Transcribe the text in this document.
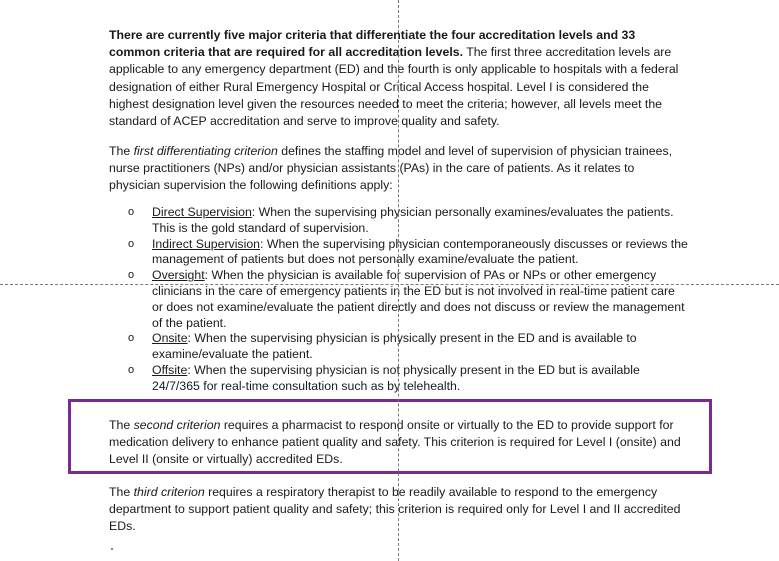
There are currently five major criteria that differentiate the four accreditation levels and 33 common criteria that are required for all accreditation levels. The first three accreditation levels are applicable to any emergency department (ED) and the fourth is only applicable to hospitals with a federal designation of either Rural Emergency Hospital or Critical Access hospital. Level I is considered the highest designation level given the resources needed to meet the criteria; however, all levels meet the standard of ACEP accreditation and serve to improve quality and safety.

The first differentiating criterion defines the staffing model and level of supervision of physician trainees, nurse practitioners (NPs) and/or physician assistants (PAs) in the care of patients. As it relates to physician supervision the following definitions apply:

o	Direct Supervision: When the supervising physician personally examines/evaluates the patients. This is the gold standard of supervision.
o	Indirect Supervision: When the supervising physician contemporaneously discusses or reviews the management of patients but does not personally examine/evaluate the patient.
o	Oversight: When the physician is available for supervision of PAs or NPs or other emergency clinicians in the care of emergency patients in the ED but is not involved in real-time patient care or does not examine/evaluate the patient directly and does not discuss or review the management of the patient.
o	Onsite: When the supervising physician is physically present in the ED and is available to examine/evaluate the patient.
o	Offsite: When the supervising physician is not physically present in the ED but is available 24/7/365 for real-time consultation such as by telehealth.

The second criterion requires a pharmacist to respond onsite or virtually to the ED to provide support for medication delivery to enhance patient quality and safety. This criterion is required for Level I (onsite) and Level II (onsite or virtually) accredited EDs.

The third criterion requires a respiratory therapist to be readily available to respond to the emergency department to support patient quality and safety; this criterion is required only for Level I and II accredited EDs.
